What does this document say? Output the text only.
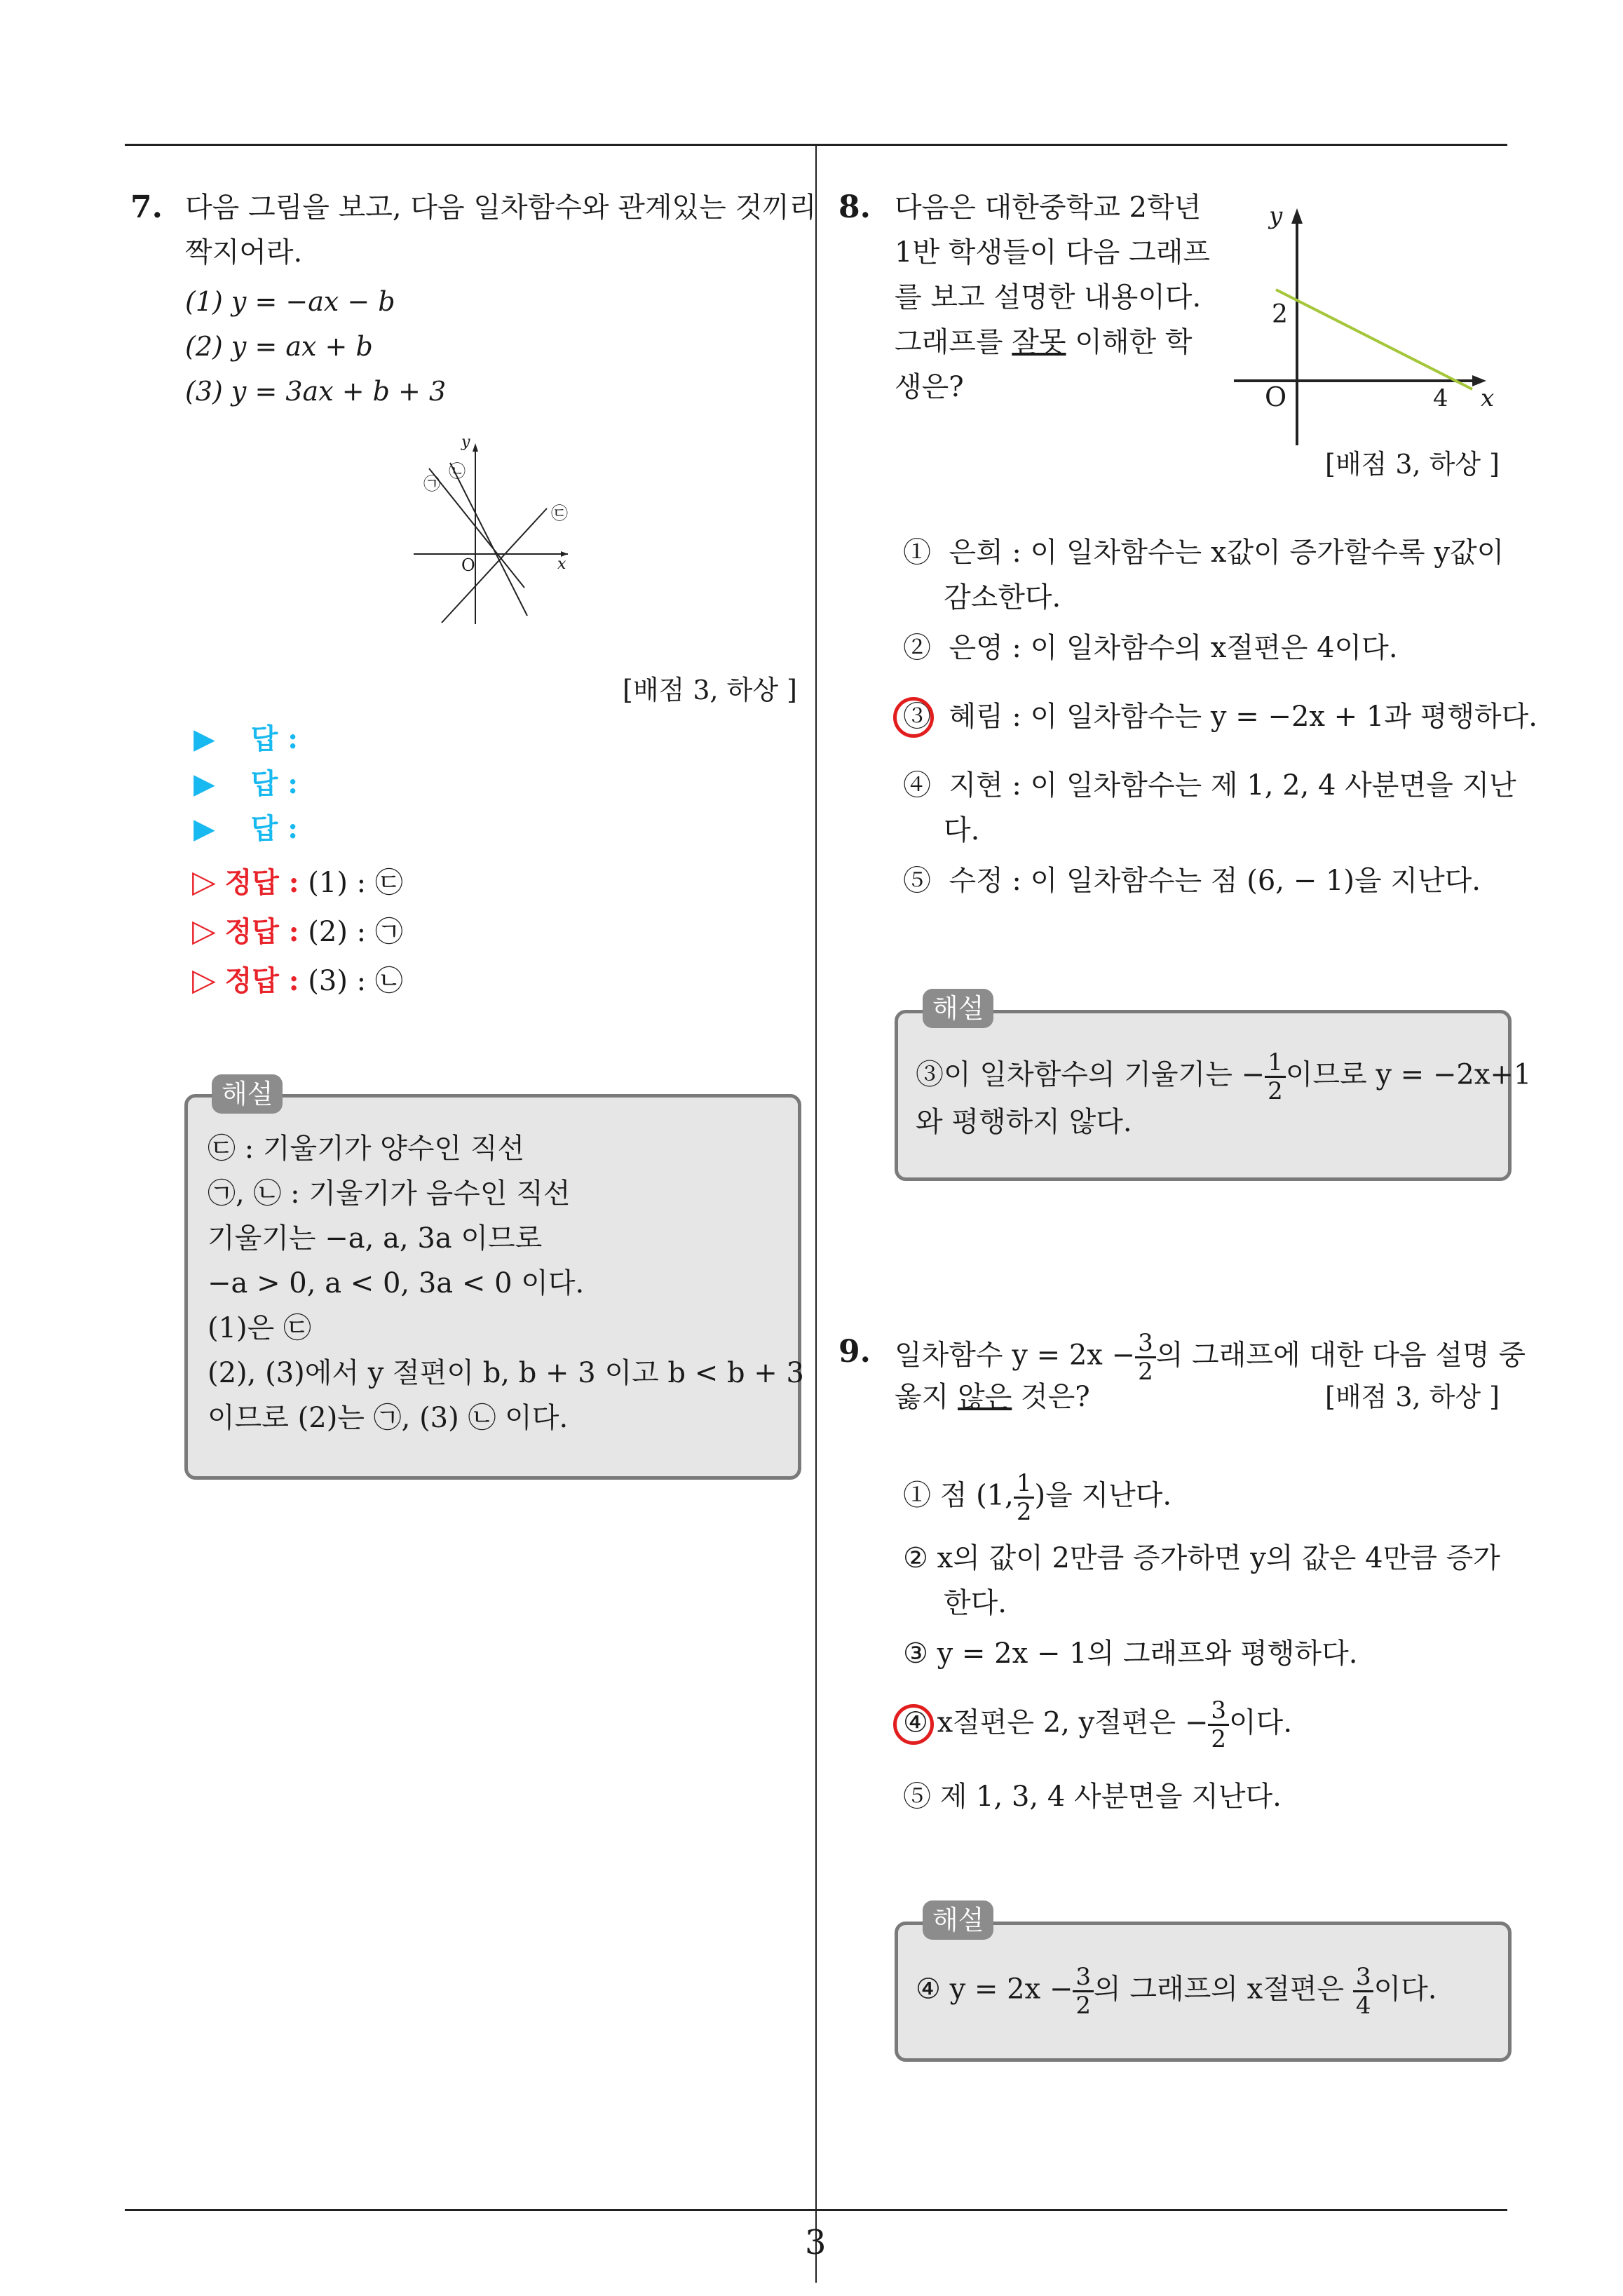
7. 다음 그림을 보고, 다음 일차함수와 관계있는 것끼리
짝지어라.
(1) y = −ax − b
(2) y = ax + b
(3) y = 3ax + b + 3
y
x
O
㉠
㉡
㉢
[배점 3, 하상 ]
▶ 답 :
▶ 답 :
▶ 답 :
▷ 정답 : (1) : ㉢
▷ 정답 : (2) : ㉠
▷ 정답 : (3) : ㉡
해설
㉢ : 기울기가 양수인 직선
㉠, ㉡ : 기울기가 음수인 직선
기울기는 −a, a, 3a 이므로
−a > 0, a < 0, 3a < 0 이다.
(1)은 ㉢
(2), (3)에서 y 절편이 b, b + 3 이고 b < b + 3
이므로 (2)는 ㉠, (3) ㉡ 이다.
8. 다음은 대한중학교 2학년
1반 학생들이 다음 그래프
를 보고 설명한 내용이다.
그래프를 잘못 이해한 학
생은?
y
2
O	4 x
[배점 3, 하상 ]
① 은희 : 이 일차함수는 x값이 증가할수록 y값이
감소한다.
② 은영 : 이 일차함수의 x절편은 4이다.
③ 혜림 : 이 일차함수는 y = −2x + 1과 평행하다.
④ 지현 : 이 일차함수는 제 1, 2, 4 사분면을 지난
다.
⑤ 수정 : 이 일차함수는 점 (6, − 1)을 지난다.
해설
③이 일차함수의 기울기는 − $\frac{1}{2}$ 이므로 y = −2x+1
와 평행하지 않다.
9. 일차함수 $y = 2x - \frac{3}{2}$ 의 그래프에 대한 다음 설명 중
옳지 않은 것은?	[배점 3, 하상 ]
① 점 (1, $\frac{1}{2}$ )을 지난다.
② x의 값이 2만큼 증가하면 y의 값은 4만큼 증가
한다.
③ y = 2x − 1의 그래프와 평행하다.
④ x절편은 2, y절편은 − $\frac{3}{2}$ 이다.
⑤ 제 1, 3, 4 사분면을 지난다.
해설
④ $y = 2x - \frac{3}{2}$ 의 그래프의 x절편은 $\frac{3}{4}$ 이다.
3
